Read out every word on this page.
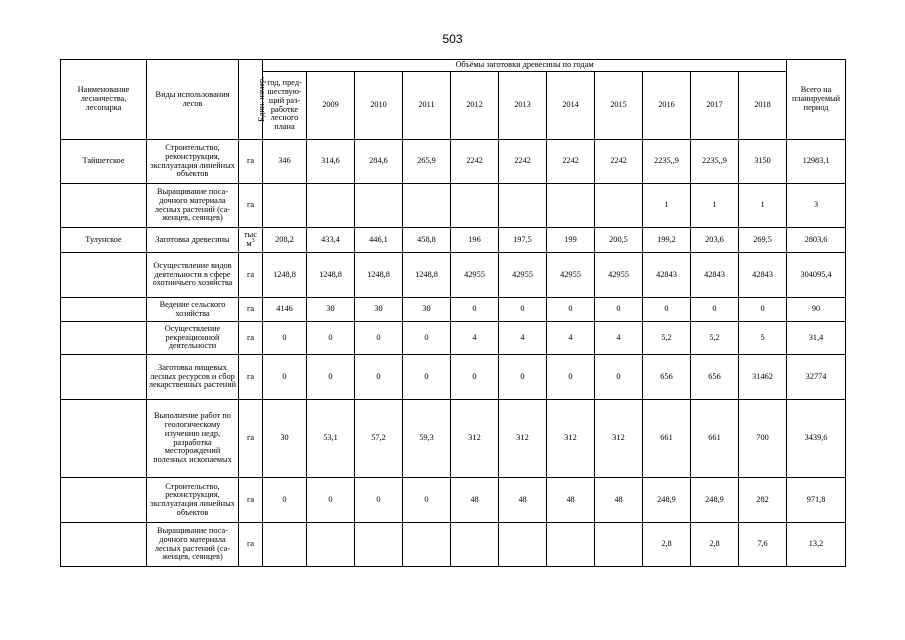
503
Наименование лесничества, лесопарка	Виды использования лесов	Един. измер.	Объёмы заготовки древесины по годам											Всего на планируемый период
			год, пред-шествую-щий раз-работке лесного плана	2009	2010	2011	2012	2013	2014	2015	2016	2017	2018	
Тайшетское	Строительство, реконструкция, эксплуатация линейных объектов	га	346	314,6	284,6	265,9	2242	2242	2242	2242	2235,,9	2235,,9	3150	12983,1
	Выращивание поса-дочного материала лесных растений (са-женцев, сеянцев)	га									1	1	1	3
Тулунское	Заготовка древесины	тыс $м^3$	208,2	433,4	446,1	458,8	196	197,5	199	200,5	199,2	203,6	269,5	2803,6
	Осуществление видов деятельности в сфере охотничьего хозяйства	га	1248,8	1248,8	1248,8	1248,8	42955	42955	42955	42955	42843	42843	42843	304095,4
	Ведение сельского хозяйства	га	4146	30	30	30	0	0	0	0	0	0	0	90
	Осуществление рекреационной деятельности	га	0	0	0	0	4	4	4	4	5,2	5,2	5	31,4
	Заготовка пищевых лесных ресурсов и сбор лекарственных растений	га	0	0	0	0	0	0	0	0	656	656	31462	32774
	Выполнение работ по геологическому изучению недр, разработка месторождений полезных ископаемых	га	30	53,1	57,2	59,3	312	312	312	312	661	661	700	3439,6
	Строительство, реконструкция, эксплуатация линейных объектов	га	0	0	0	0	48	48	48	48	248,9	248,9	282	971,8
	Выращивание поса-дочного материала лесных растений (са-женцев, сеянцев)	га									2,8	2,8	7,6	13,2
